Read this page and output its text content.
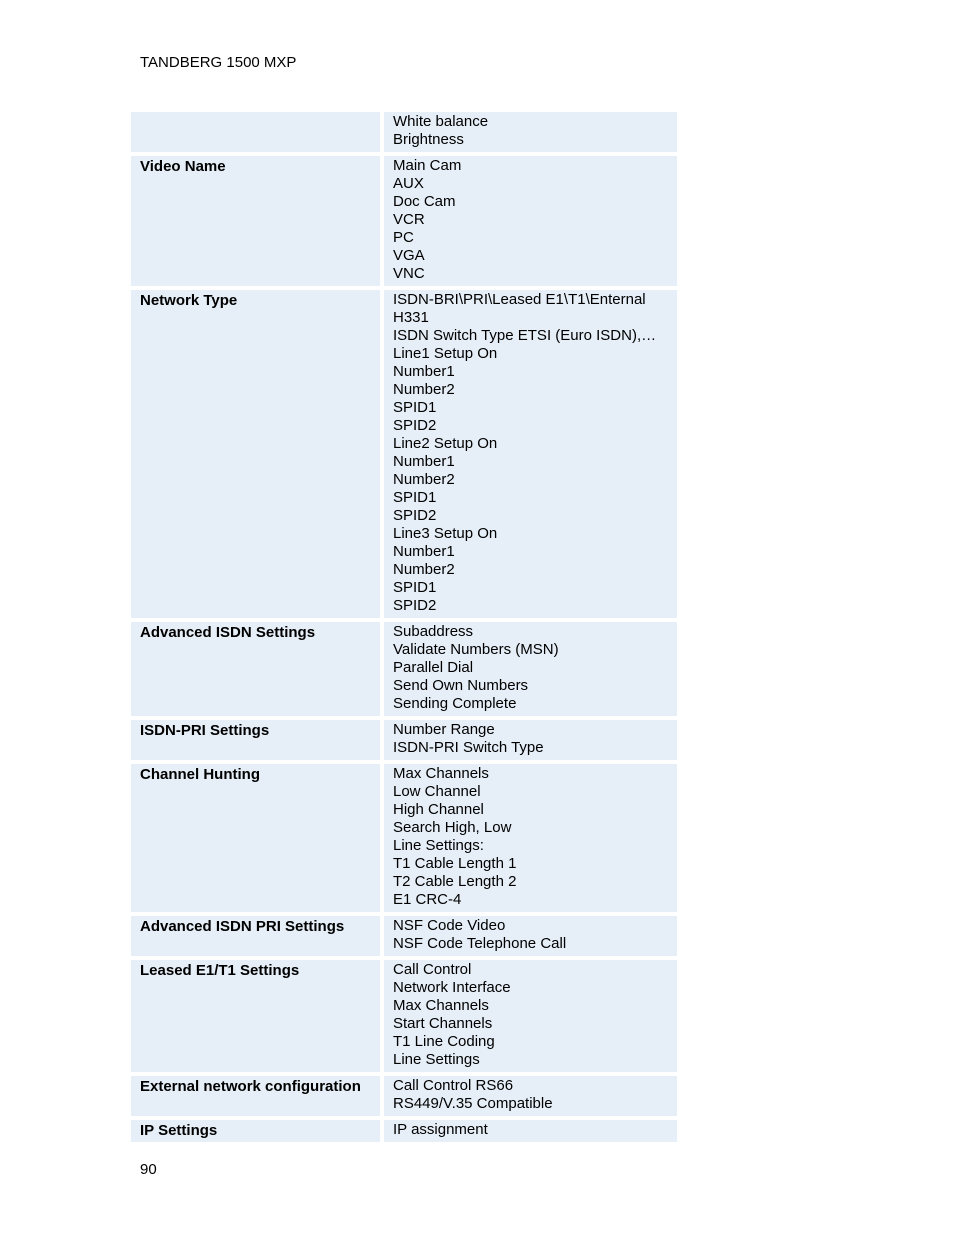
TANDBERG 1500 MXP
White balance
Brightness
Video Name	Main Cam
AUX
Doc Cam
VCR
PC
VGA
VNC
Network Type	ISDN-BRI\PRI\Leased E1\T1\Enternal
H331
ISDN Switch Type ETSI (Euro ISDN),…
Line1 Setup On
Number1
Number2
SPID1
SPID2
Line2 Setup On
Number1
Number2
SPID1
SPID2
Line3 Setup On
Number1
Number2
SPID1
SPID2
Advanced ISDN Settings	Subaddress
Validate Numbers (MSN)
Parallel Dial
Send Own Numbers
Sending Complete
ISDN-PRI Settings	Number Range
ISDN-PRI Switch Type
Channel Hunting	Max Channels
Low Channel
High Channel
Search High, Low
Line Settings:
T1 Cable Length 1
T2 Cable Length 2
E1 CRC-4
Advanced ISDN PRI Settings	NSF Code Video
NSF Code Telephone Call
Leased E1/T1 Settings	Call Control
Network Interface
Max Channels
Start Channels
T1 Line Coding
Line Settings
External network configuration	Call Control RS66
RS449/V.35 Compatible
IP Settings	IP assignment
90
